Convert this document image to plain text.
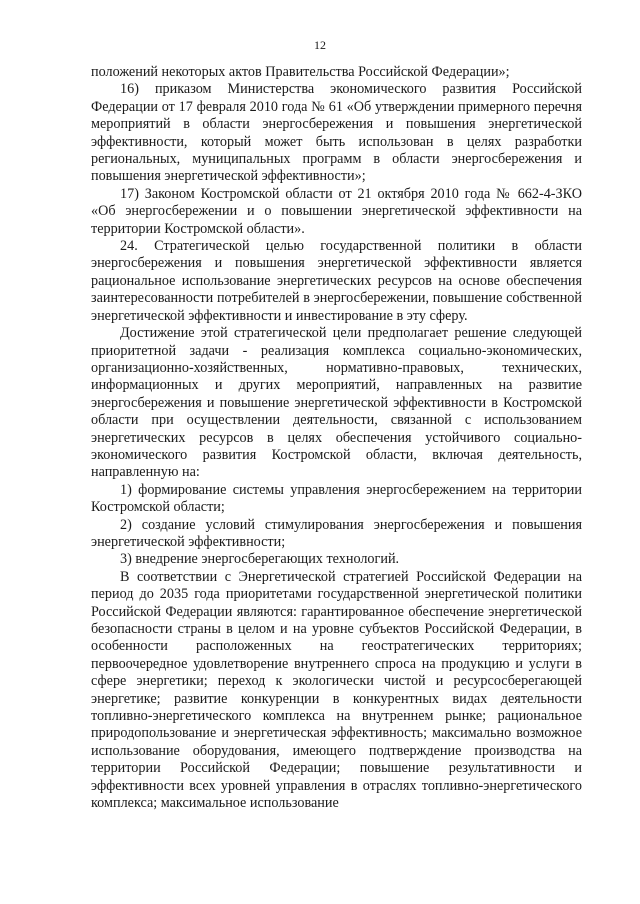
12

положений некоторых актов Правительства Российской Федерации»;

16) приказом Министерства экономического развития Российской Федерации от 17 февраля 2010 года № 61 «Об утверждении примерного перечня мероприятий в области энергосбережения и повышения энергетической эффективности, который может быть использован в целях разработки региональных, муниципальных программ в области энергосбережения и повышения энергетической эффективности»;

17) Законом Костромской области от 21 октября 2010 года № 662-4-ЗКО «Об энергосбережении и о повышении энергетической эффективности на территории Костромской области».

24. Стратегической целью государственной политики в области энергосбережения и повышения энергетической эффективности является рациональное использование энергетических ресурсов на основе обеспечения заинтересованности потребителей в энергосбережении, повышение собственной энергетической эффективности и инвестирование в эту сферу.

Достижение этой стратегической цели предполагает решение следующей приоритетной задачи - реализация комплекса социально-экономических, организационно-хозяйственных, нормативно-правовых, технических, информационных и других мероприятий, направленных на развитие энергосбережения и повышение энергетической эффективности в Костромской области при осуществлении деятельности, связанной с использованием энергетических ресурсов в целях обеспечения устойчивого социально-экономического развития Костромской области, включая деятельность, направленную на:

1) формирование системы управления энергосбережением на территории Костромской области;

2) создание условий стимулирования энергосбережения и повышения энергетической эффективности;

3) внедрение энергосберегающих технологий.

В соответствии с Энергетической стратегией Российской Федерации на период до 2035 года приоритетами государственной энергетической политики Российской Федерации являются: гарантированное обеспечение энергетической безопасности страны в целом и на уровне субъектов Российской Федерации, в особенности расположенных на геостратегических территориях; первоочередное удовлетворение внутреннего спроса на продукцию и услуги в сфере энергетики; переход к экологически чистой и ресурсосберегающей энергетике; развитие конкуренции в конкурентных видах деятельности топливно-энергетического комплекса на внутреннем рынке; рациональное природопользование и энергетическая эффективность; максимально возможное использование оборудования, имеющего подтверждение производства на территории Российской Федерации; повышение результативности и эффективности всех уровней управления в отраслях топливно-энергетического комплекса; максимальное использование
